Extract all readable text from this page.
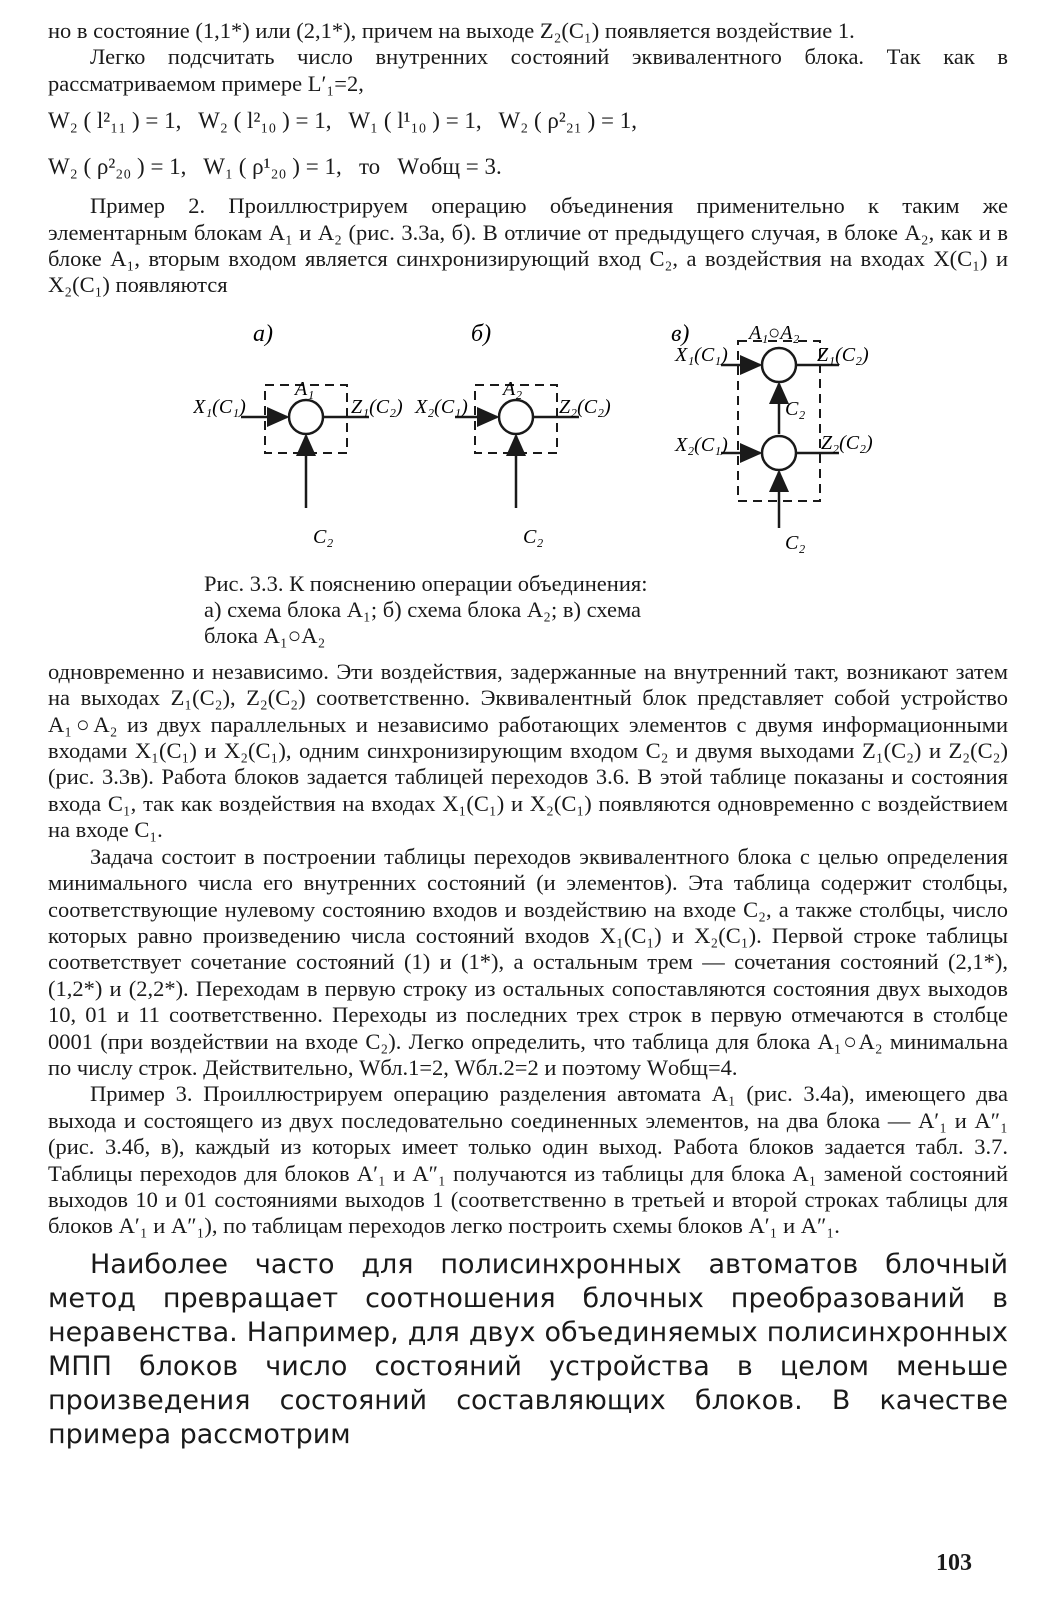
но в состояние (1,1*) или (2,1*), причем на выходе Z₂(C₁) появляется воздействие 1.

Легко подсчитать число внутренних состояний эквивалентного блока. Так как в рассматриваемом примере L′₁=2,

W₂ ( l²₁₁ ) = 1,   W₂ ( l²₁₀ ) = 1,   W₁ ( l¹₁₀ ) = 1,   W₂ ( ρ²₂₁ ) = 1,
W₂ ( ρ²₂₀ ) = 1,   W₁ ( ρ¹₂₀ ) = 1,   то   Wобщ = 3.

Пример 2. Проиллюстрируем операцию объединения применительно к таким же элементарным блокам A₁ и A₂ (рис. 3.3а, б). В отличие от предыдущего случая, в блоке A₂, как и в блоке A₁, вторым входом является синхронизирующий вход C₂, а воздействия на входах X(C₁) и X₂(C₁) появляются

а)
A₁
X₁(C₁)	Z₁(C₂)
C₂
б)
A₂
X₂(C₁)	Z₂(C₂)
C₂
в)	A₁○A₂
X₁(C₁)	Z₁(C₂)
X₂(C₁)	Z₂(C₂)
C₂
C₂
Рис. 3.3. К пояснению операции объединения:
а) схема блока A₁; б) схема блока A₂; в) схема
блока A₁○A₂

одновременно и независимо. Эти воздействия, задержанные на внутренний такт, возникают затем на выходах Z₁(C₂), Z₂(C₂) соответственно. Эквивалентный блок представляет собой устройство A₁○A₂ из двух параллельных и независимо работающих элементов с двумя информационными входами X₁(C₁) и X₂(C₁), одним синхронизирующим входом C₂ и двумя выходами Z₁(C₂) и Z₂(C₂) (рис. 3.3в). Работа блоков задается таблицей переходов 3.6. В этой таблице показаны и состояния входа C₁, так как воздействия на входах X₁(C₁) и X₂(C₁) появляются одновременно с воздействием на входе C₁.

Задача состоит в построении таблицы переходов эквивалентного блока с целью определения минимального числа его внутренних состояний (и элементов). Эта таблица содержит столбцы, соответствующие нулевому состоянию входов и воздействию на входе C₂, а также столбцы, число которых равно произведению числа состояний входов X₁(C₁) и X₂(C₁). Первой строке таблицы соответствует сочетание состояний (1) и (1*), а остальным трем — сочетания состояний (2,1*), (1,2*) и (2,2*). Переходам в первую строку из остальных сопоставляются состояния двух выходов 10, 01 и 11 соответственно. Переходы из последних трех строк в первую отмечаются в столбце 0001 (при воздействии на входе C₂). Легко определить, что таблица для блока A₁○A₂ минимальна по числу строк. Действительно, Wбл.1=2, Wбл.2=2 и поэтому Wобщ=4.

Пример 3. Проиллюстрируем операцию разделения автомата A₁ (рис. 3.4а), имеющего два выхода и состоящего из двух последовательно соединенных элементов, на два блока — A′₁ и A″₁ (рис. 3.4б, в), каждый из которых имеет только один выход. Работа блоков задается табл. 3.7. Таблицы переходов для блоков A′₁ и A″₁ получаются из таблицы для блока A₁ заменой состояний выходов 10 и 01 состояниями выходов 1 (соответственно в третьей и второй строках таблицы для блоков A′₁ и A″₁), по таблицам переходов легко построить схемы блоков A′₁ и A″₁.

Наиболее часто для полисинхронных автоматов блочный метод превращает соотношения блочных преобразований в неравенства. Например, для двух объединяемых полисинхронных МПП блоков число состояний устройства в целом меньше произведения состояний составляющих блоков. В качестве примера рассмотрим

103
